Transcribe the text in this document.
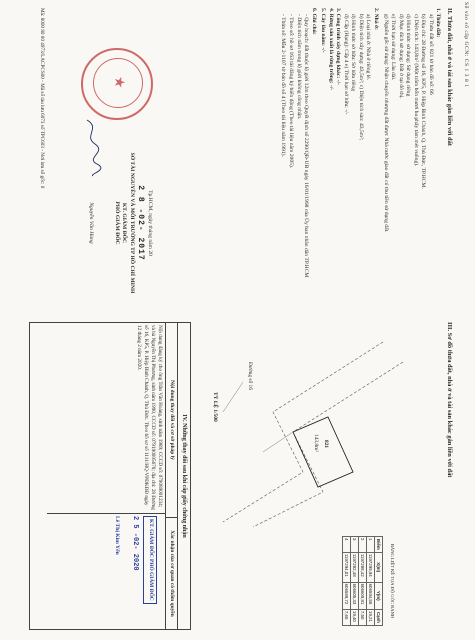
Số vào sổ cấp GCN: CS 1 3 8 1
II. Thửa đất, nhà ở và tài sản khác gắn liền với đất
1. Thửa đất:
a) Thửa đất số: 821 tờ bản đồ số: 66
b) Địa chỉ: 28 Đường số 16, KP5, P. Hiệp Bình Chánh, Q. Thủ Đức, TP.HCM.
c) Diện tích: 143,8m² (Một trăm bốn mươi ba phẩy tám mét vuông).
d) Hình thức sử dụng: Sử dụng riêng
đ) Mục đích sử dụng: Đất ở tại đô thị.
e) Thời hạn sử dụng: Lâu dài.
g) Nguồn gốc sử dụng: Nhận chuyển nhượng đất được Nhà nước giao đất có thu tiền sử dụng đất.
2. Nhà ở:
a) Loại nhà ở: Nhà ở riêng lẻ.
b) Diện tích xây dựng: 43,5m²; c) Diện tích sàn: 43,5m²;
d) Hình thức sở hữu: Sở hữu riêng
đ) Cấp (Hạng): Cấp 4 e) Thời hạn sở hữu: -/-
3. Công trình xây dựng khác: -/-
4. Rừng sản xuất là rừng trồng: -/-
5. Cây lâu năm: -/-
6. Ghi chú:
- Quy hoạch: đất thuộc lộ giới 12m theo Quyết định số 2290/QĐ-UB ngày 16/01/1998 của Ủy ban nhân dân TP.HCM
- Diện tích nằm trong lộ giới không công nhận.
- Theo số: hồ sơ 163 tài đăng ký biến động (Theo tài liệu năm 2005).
- Thửa số: Mẫu 2-1107 tờ bản đồ số 4 (Theo tài liệu năm 1991).
★
Tp.HCM, ngày tháng năm 20
2 8 -02- 2017
SỞ TÀI NGUYÊN VÀ MÔI TRƯỜNG TP HỒ CHÍ MINH
KT. GIÁM ĐỐC
PHÓ GIÁM ĐỐC
Nguyễn Văn Hùng
Mã: 8000 80 00 4973/LACPCS00 - Mã số tàu lưu 6073 số TPC603 - Nơi lưu số gốc: 0
III. Sơ đồ thửa đất, nhà ở và tài sản khác gắn liền với đất
821
143,8m²
Đường số 16
TỶ LỆ 1/500
BẢNG LIỆT KÊ TỌA ĐỘ GÓC RANH
Điểm	X(m)	Y(m)	Cạnh
1	1197299,94	606594,55	19,21
2	1197288,42	606609,91	7,50
3	1197282,48	606605,33	19,40
4	1197294,01	606589,72	7,65
IV. Những thay đổi sau khi cấp giấy chứng nhận
Nội dung thay đổi và cơ sở pháp lý
Xác nhận của cơ quan có thẩm quyền
Nội dung đăng ký cho ông Trần Văn Hoàng, sinh năm 1989; CCCD số: 079089001234; và bà Nguyễn Thị Phương, sinh năm 1990, CCCD số: 079190005678; địa chỉ: 28 Đường số 16, KP5, P. Hiệp Bình Chánh, Q. Thủ Đức. Theo hồ sơ số 1111/HQ-VPĐKĐĐ ngày 12 tháng 2 năm 2020.
KT. GIÁM ĐỐC PHÓ GIÁM ĐỐC
2 5 -02- 2020
Lê Thị Kim Yến
